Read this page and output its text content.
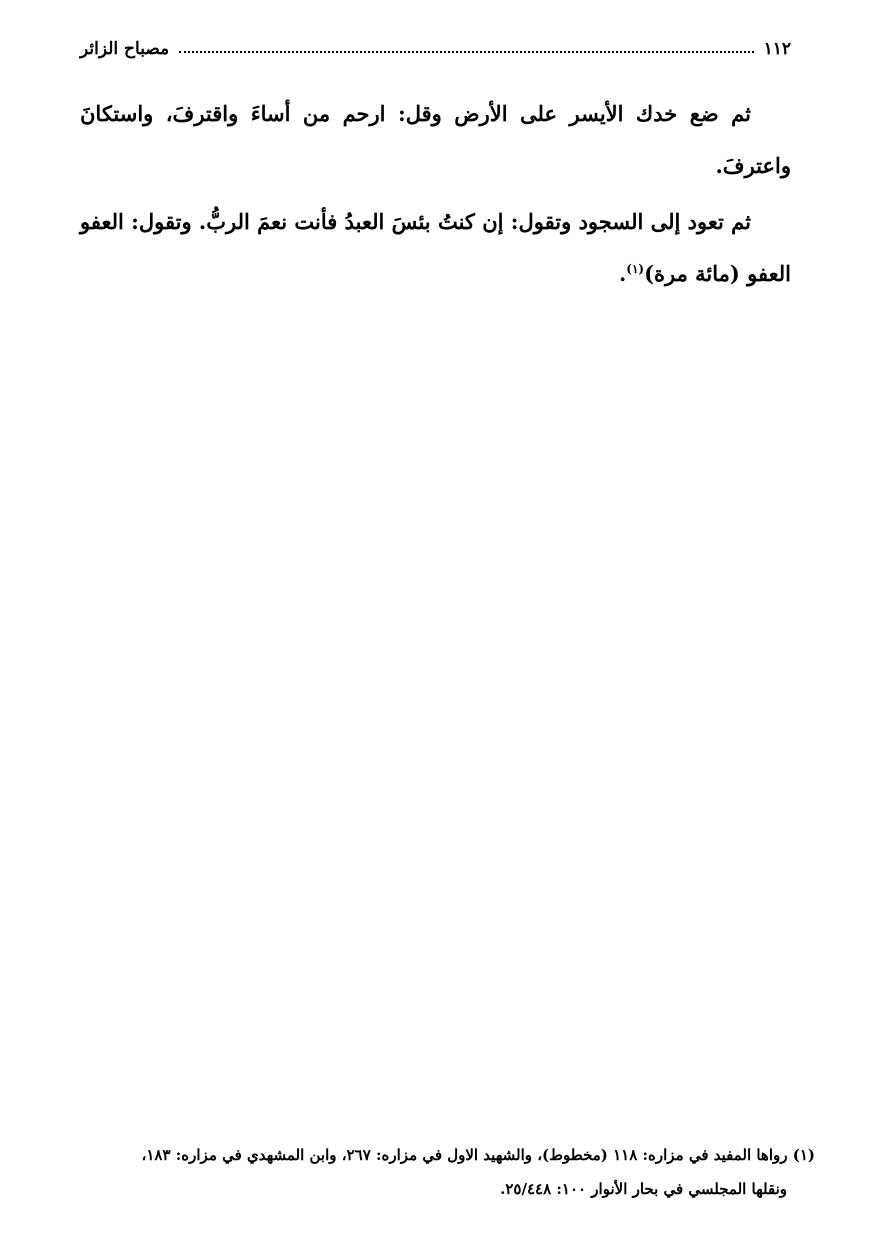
١١٢
مصباح الزائر

ثم ضع خدك الأيسر على الأرض وقل: ارحم من أساءَ واقترفَ، واستكانَ واعترفَ.

ثم تعود إلى السجود وتقول: إن كنتُ بئسَ العبدُ فأنت نعمَ الربُّ. وتقول: العفو العفو (مائة مرة)$^{(١)}$.

(١) رواها المفيد في مزاره: ١١٨ (مخطوط)، والشهيد الاول في مزاره: ٢٦٧، وابن المشهدي في مزاره: ١٨٣،

ونقلها المجلسي في بحار الأنوار ١٠٠: ٢٥/٤٤٨.
